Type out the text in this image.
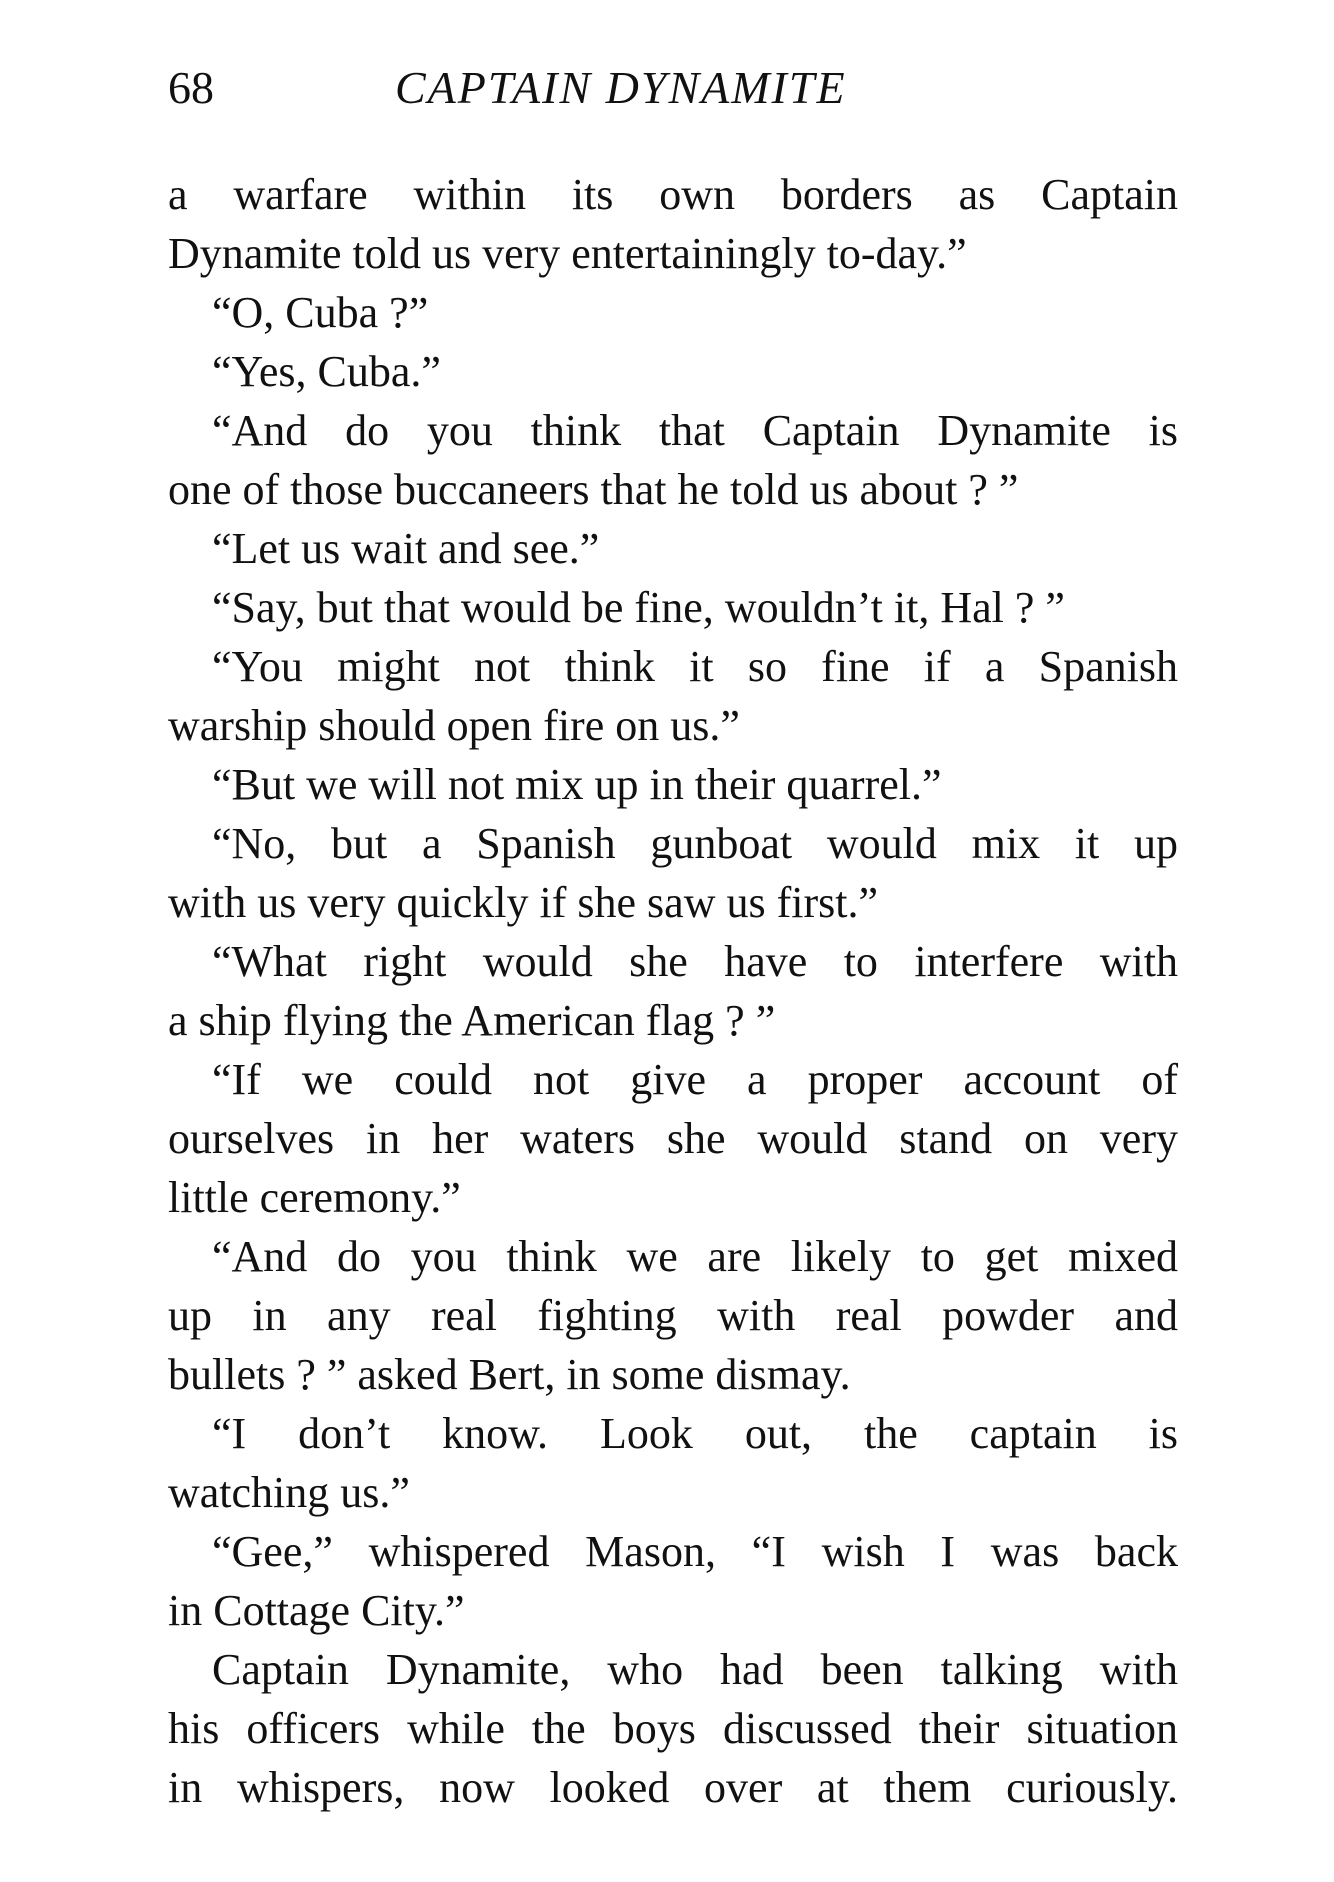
68	CAPTAIN DYNAMITE
a warfare within its own borders as Captain
Dynamite told us very entertainingly to-day.”
“O, Cuba ?”
“Yes, Cuba.”
“And do you think that Captain Dynamite is
one of those buccaneers that he told us about ? ”
“Let us wait and see.”
“Say, but that would be fine, wouldn’t it, Hal ? ”
“You might not think it so fine if a Spanish
warship should open fire on us.”
“But we will not mix up in their quarrel.”
“No, but a Spanish gunboat would mix it up
with us very quickly if she saw us first.”
“What right would she have to interfere with
a ship flying the American flag ? ”
“If we could not give a proper account of
ourselves in her waters she would stand on very
little ceremony.”
“And do you think we are likely to get mixed
up in any real fighting with real powder and
bullets ? ” asked Bert, in some dismay.
“I don’t know. Look out, the captain is
watching us.”
“Gee,” whispered Mason, “I wish I was back
in Cottage City.”
Captain Dynamite, who had been talking with
his officers while the boys discussed their situation
in whispers, now looked over at them curiously.
